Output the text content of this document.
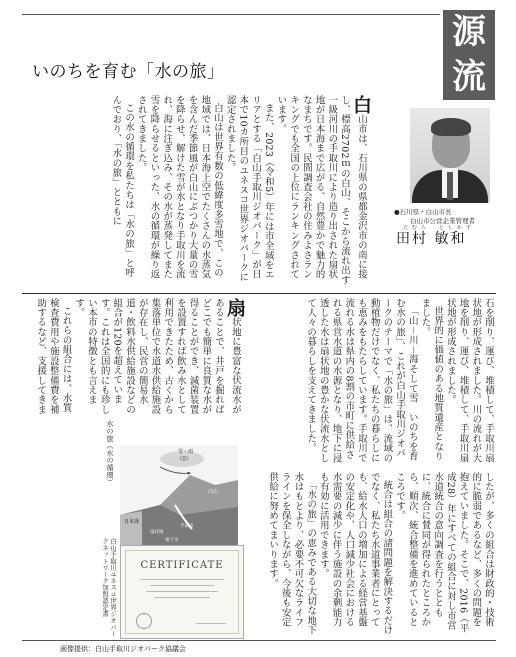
源
流
いのちを育む「水の旅」
●石川県・白山市長
白山市公営企業管理者
たむら　としかず
田村 敏和

白山市は、石川県の県都金沢市の南に接し、標高2702ｍの白山、そこから流れ出す一級河川の手取川により造り出された扇状地が日本海まで広がる、自然豊かで魅力的なまちです。民間調査会社の住みよさランキングでも全国の上位にランキングされています。

また、2023（令和5）年には市全域をエリアとする「白山手取川ジオパーク」が日本で10カ所目のユネスコ世界ジオパークに認定されました。

白山は世界有数の低緯度多雪地で、この地域では、日本海上空でたくさんの水蒸気を含んだ季節風が白山にぶつかり大量の雪を降らせ、解けた雪が水となり手取川を流れ、海に注ぎ込み、その水が蒸発してまた雪を降らせるといった、水の循環が繰り返されてきました。

この水の循環を私たちは「水の旅」と呼んでおり、「水の旅」とともに

石を削り、運び、堆積して、手取川扇状地が形成されました。川の流れが大地を削り、運び、堆積して、手取川扇状地が形成されました。

世界的に価値のある地質遺産となりました。

「山－川－海そして雪　いのちを育む水の旅」、これが白山手取川ジオパークのテーマで「水の旅」は、流域の動植物だけでなく、私たちの暮らしにも恵みをもたらしています。手取川で流れる水は県内の8割の市町に供給される県営水道の水源となり、地下に浸透した水は扇状地の豊かな伏流水として人々の暮らしを支えてきました。

扇状地に豊富な伏流水があることで、井戸を掘ればどこでも簡単に良質な水が得ることができ、減菌装置を設置すれば飲み水として利用できたため、古くから集落単位で水道水供給施設が存在し、民営の簡易水道・飲料水供給施設などの組合が120を超えています。これは全国的にも珍しい本市の特徴とも言えます。

これらの組合には、水質検査費用や施設整備費を補助するなど、支援してきま

したが、多くの組合は財政的・技術的に脆弱であるなど、多くの問題を抱えていました。そこで、2016（平成28）年にすべての組合に対し市営水道統合の意向調査を行うとともに、統合に賛同が得られたところから、順次、統合整備を進めているところです。

統合は組合の諸問題を解決するだけでなく、私たち水道事業者にとっても、給水人口の増加による経営基盤の安定化や、人口減少社会における水需要の減少に伴う施設の余剰能力も有効に活用できます。

「水の旅」の恵みである大切な地下水はもとより、必要不可欠なライフラインを保全しながら、今後も安定供給に努めてまいります。

水の旅（水の循環）	雪・雨
(雲)
日本海
白山
手取川
扇状地
地下水
白山手取川ユネスコ世界ジオパークネットワーク加盟認定書	CERTIFICATE
画像提供：白山手取川ジオパーク協議会
